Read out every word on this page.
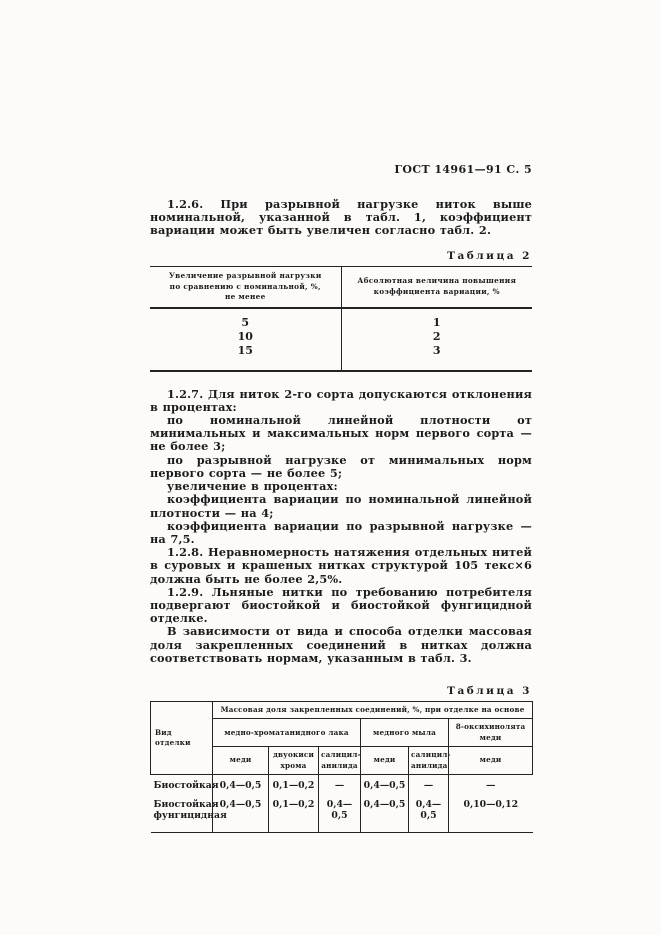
ГОСТ 14961—91 С. 5

1.2.6. При разрывной нагрузке ниток выше номинальной, указанной в табл. 1, коэффициент вариации может быть увеличен согласно табл. 2.

Таблица 2
Увеличение разрывной нагрузки по сравнению с номинальной, %, не менее	Абсолютная величина повышения коэффициента вариации, %
5	1
10	2
15	3

1.2.7. Для ниток 2-го сорта допускаются отклонения в процентах:

по номинальной линейной плотности от минимальных и максимальных норм первого сорта — не более 3;

по разрывной нагрузке от минимальных норм первого сорта — не более 5;

увеличение в процентах:

коэффициента вариации по номинальной линейной плотности — на 4;

коэффициента вариации по разрывной нагрузке — на 7,5.

1.2.8. Неравномерность натяжения отдельных нитей в суровых и крашеных нитках структурой 105 текс×6 должна быть не более 2,5%.

1.2.9. Льняные нитки по требованию потребителя подвергают биостойкой и биостойкой фунгицидной отделке.

В зависимости от вида и способа отделки массовая доля закрепленных соединений в нитках должна соответствовать нормам, указанным в табл. 3.

Таблица 3
Вид отделки	Массовая доля закрепленных соединений, %, при отделке на основе					
	медно-хроматанидного лака			медного мыла		8-оксихинолята меди
	меди	двуокиси хрома	салицил- анилида	меди	салицил- анилида	меди
Биостойкая	0,4—0,5	0,1—0,2	—	0,4—0,5	—	—
Биостойкая фунгицидная	0,4—0,5	0,1—0,2	0,4—0,5	0,4—0,5	0,4—0,5	0,10—0,12
